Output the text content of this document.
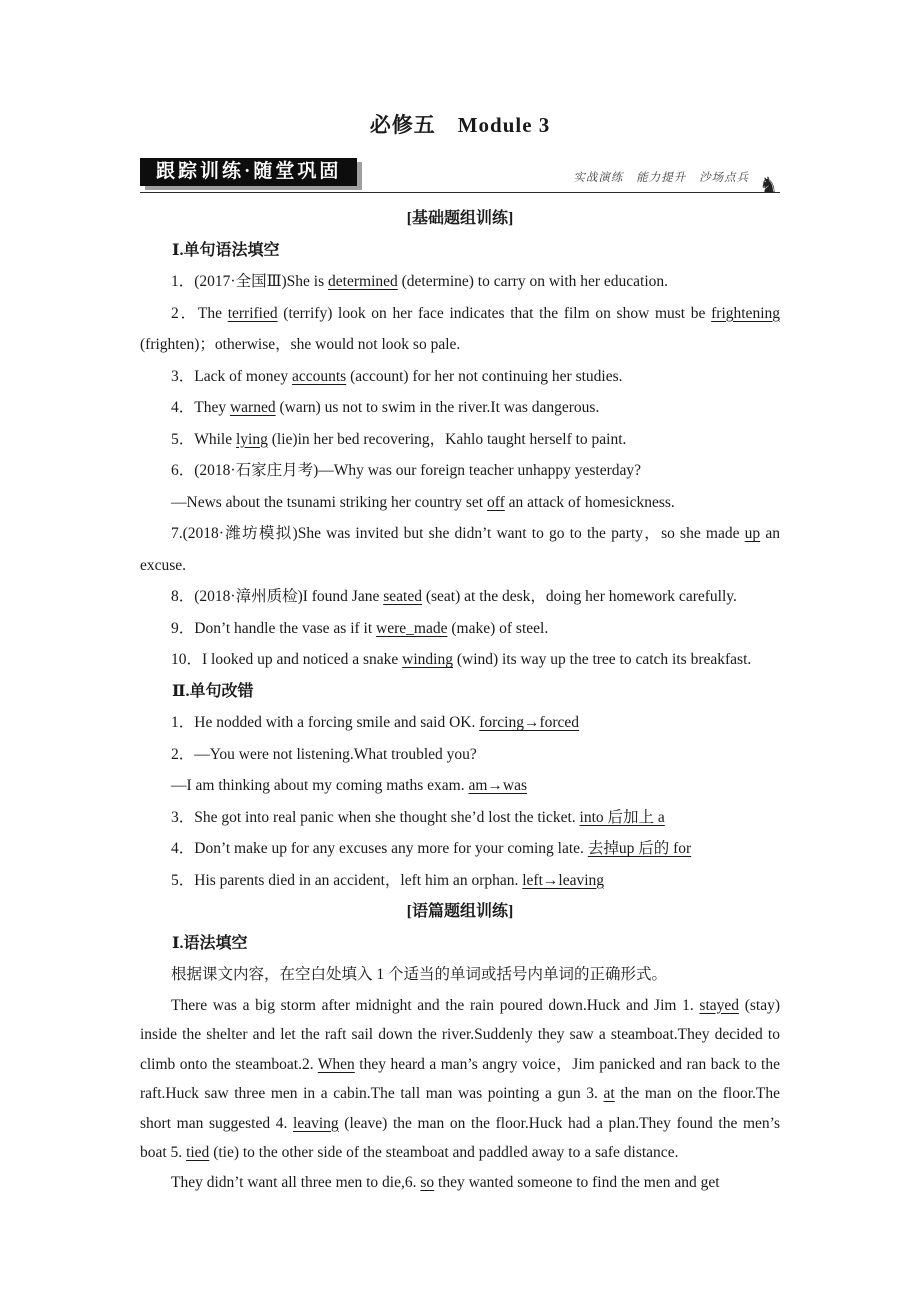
必修五　Module 3
跟踪训练·随堂巩固	实战演练 能力提升 沙场点兵 ♞

[基础题组训练]

Ⅰ.单句语法填空

1．(2017·全国Ⅲ)She is determined (determine) to carry on with her education.

2．The terrified (terrify) look on her face indicates that the film on show must be frightening (frighten)；otherwise，she would not look so pale.

3．Lack of money accounts (account) for her not continuing her studies.

4．They warned (warn) us not to swim in the river.It was dangerous.

5．While lying (lie)in her bed recovering，Kahlo taught herself to paint.

6．(2018·石家庄月考)—Why was our foreign teacher unhappy yesterday?

—News about the tsunami striking her country set off an attack of homesickness.

7.(2018·潍坊模拟)She was invited but she didn’t want to go to the party，so she made up an excuse.

8．(2018·漳州质检)I found Jane seated (seat) at the desk，doing her homework carefully.

9．Don’t handle the vase as if it were_made (make) of steel.

10．I looked up and noticed a snake winding (wind) its way up the tree to catch its breakfast.

Ⅱ.单句改错

1．He nodded with a forcing smile and said OK. forcing→forced

2．—You were not listening.What troubled you?

—I am thinking about my coming maths exam. am→was

3．She got into real panic when she thought she’d lost the ticket. into 后加上 a

4．Don’t make up for any excuses any more for your coming late. 去掉up 后的 for

5．His parents died in an accident，left him an orphan. left→leaving

[语篇题组训练]

Ⅰ.语法填空

根据课文内容，在空白处填入 1 个适当的单词或括号内单词的正确形式。

There was a big storm after midnight and the rain poured down.Huck and Jim 1. stayed (stay) inside the shelter and let the raft sail down the river.Suddenly they saw a steamboat.They decided to climb onto the steamboat.2. When they heard a man’s angry voice，Jim panicked and ran back to the raft.Huck saw three men in a cabin.The tall man was pointing a gun 3. at the man on the floor.The short man suggested 4. leaving (leave) the man on the floor.Huck had a plan.They found the men’s boat 5. tied (tie) to the other side of the steamboat and paddled away to a safe distance.

They didn’t want all three men to die,6. so they wanted someone to find the men and get
